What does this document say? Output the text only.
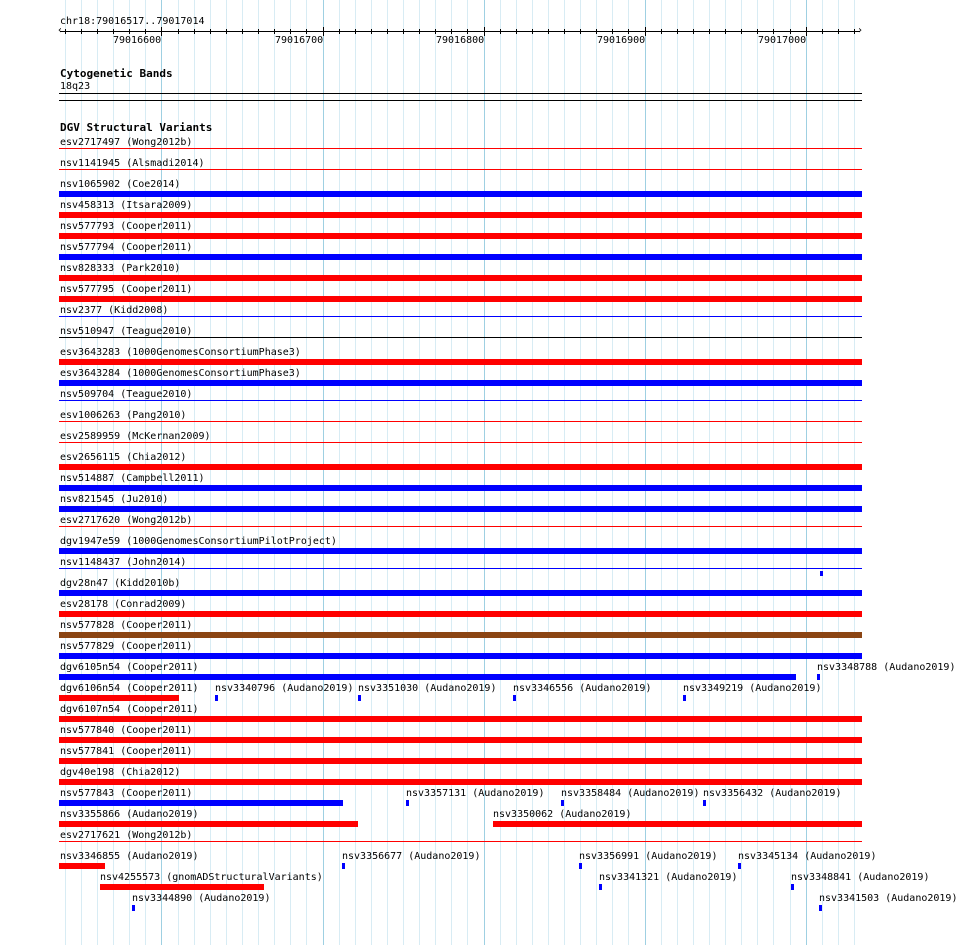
chr18:79016517..79017014
79016600	79016700	79016800	79016900	79017000
‹	›
Cytogenetic Bands
18q23
DGV Structural Variants
esv2717497 (Wong2012b)
nsv1141945 (Alsmadi2014)
nsv1065902 (Coe2014)
nsv458313 (Itsara2009)
nsv577793 (Cooper2011)
nsv577794 (Cooper2011)
nsv828333 (Park2010)
nsv577795 (Cooper2011)
nsv2377 (Kidd2008)
nsv510947 (Teague2010)
esv3643283 (1000GenomesConsortiumPhase3)
esv3643284 (1000GenomesConsortiumPhase3)
nsv509704 (Teague2010)
esv1006263 (Pang2010)
esv2589959 (McKernan2009)
esv2656115 (Chia2012)
nsv514887 (Campbell2011)
nsv821545 (Ju2010)
esv2717620 (Wong2012b)
dgv1947e59 (1000GenomesConsortiumPilotProject)
nsv1148437 (John2014)
dgv28n47 (Kidd2010b)
esv28178 (Conrad2009)
nsv577828 (Cooper2011)
nsv577829 (Cooper2011)
dgv6105n54 (Cooper2011)	nsv3348788 (Audano2019)
dgv6106n54 (Cooper2011) nsv3340796 (Audano2019) nsv3351030 (Audano2019) nsv3346556 (Audano2019)	nsv3349219 (Audano2019)
dgv6107n54 (Cooper2011)
nsv577840 (Cooper2011)
nsv577841 (Cooper2011)
dgv40e198 (Chia2012)
nsv577843 (Cooper2011)	nsv3357131 (Audano2019) nsv3358484 (Audano2019) nsv3356432 (Audano2019)
nsv3355866 (Audano2019)	nsv3350062 (Audano2019)
esv2717621 (Wong2012b)
nsv3346855 (Audano2019)	nsv3356677 (Audano2019)	nsv3356991 (Audano2019) nsv3345134 (Audano2019)
nsv4255573 (gnomADStructuralVariants)	nsv3341321 (Audano2019)	nsv3348841 (Audano2019)
nsv3344890 (Audano2019)	nsv3341503 (Audano2019)
